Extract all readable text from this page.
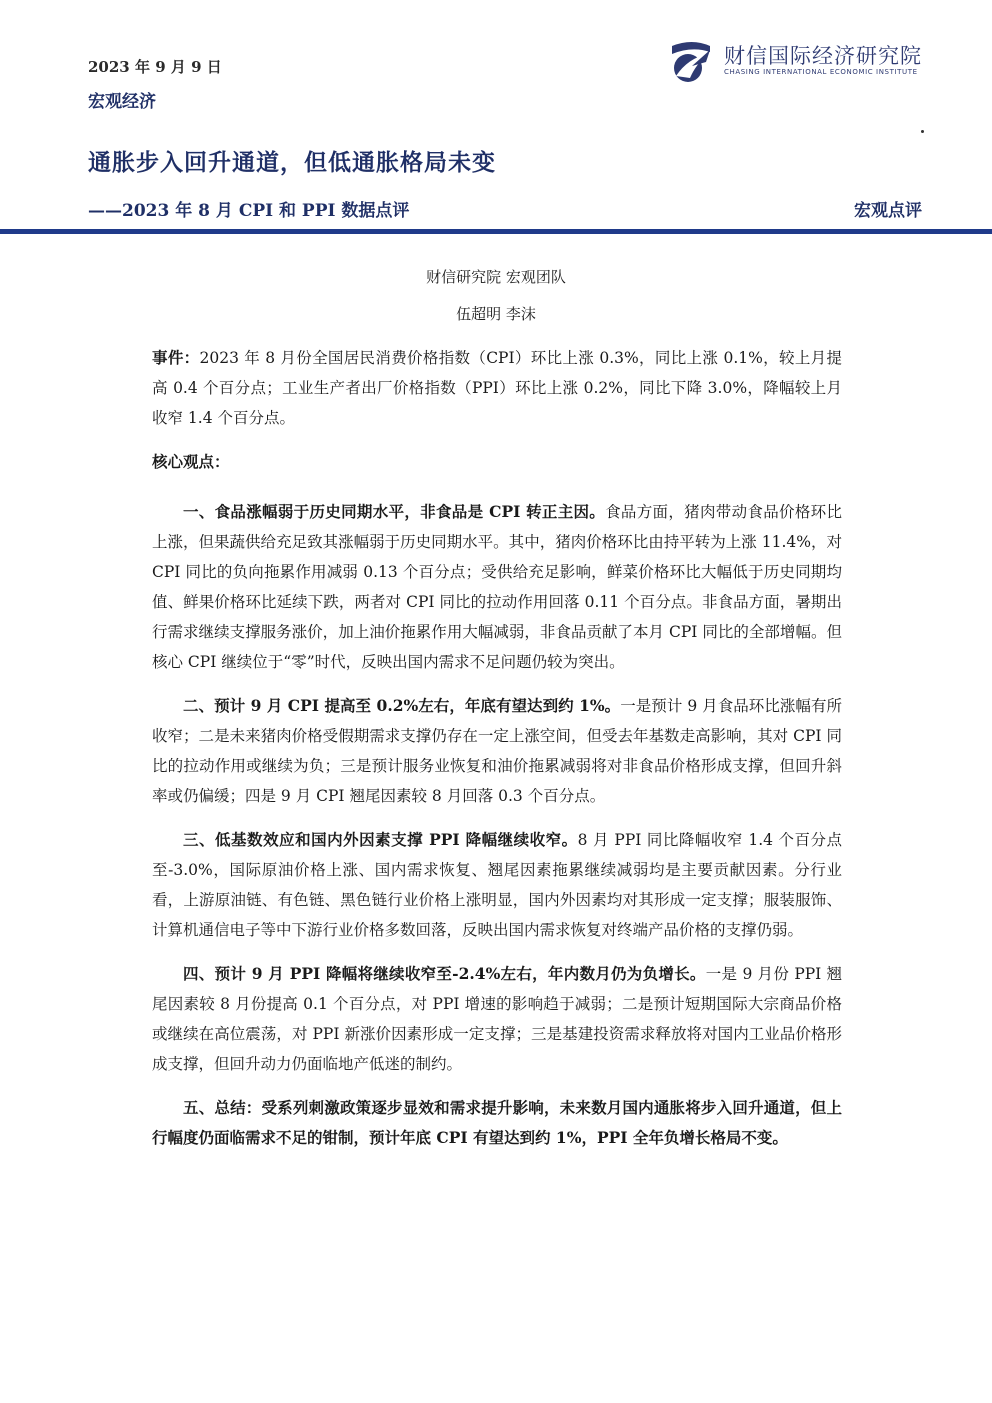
2023 年 9 月 9 日
宏观经济
财信国际经济研究院
CHASING INTERNATIONAL ECONOMIC INSTITUTE
通胀步入回升通道，但低通胀格局未变
——2023 年 8 月 CPI 和 PPI 数据点评	宏观点评
财信研究院 宏观团队
伍超明 李沫

事件：2023 年 8 月份全国居民消费价格指数（CPI）环比上涨 0.3%，同比上涨 0.1%，较上月提高 0.4 个百分点；工业生产者出厂价格指数（PPI）环比上涨 0.2%，同比下降 3.0%，降幅较上月收窄 1.4 个百分点。

核心观点：

一、食品涨幅弱于历史同期水平，非食品是 CPI 转正主因。食品方面，猪肉带动食品价格环比上涨，但果蔬供给充足致其涨幅弱于历史同期水平。其中，猪肉价格环比由持平转为上涨 11.4%，对 CPI 同比的负向拖累作用减弱 0.13 个百分点；受供给充足影响，鲜菜价格环比大幅低于历史同期均值、鲜果价格环比延续下跌，两者对 CPI 同比的拉动作用回落 0.11 个百分点。非食品方面，暑期出行需求继续支撑服务涨价，加上油价拖累作用大幅减弱，非食品贡献了本月 CPI 同比的全部增幅。但核心 CPI 继续位于“零”时代，反映出国内需求不足问题仍较为突出。

二、预计 9 月 CPI 提高至 0.2%左右，年底有望达到约 1%。一是预计 9 月食品环比涨幅有所收窄；二是未来猪肉价格受假期需求支撑仍存在一定上涨空间，但受去年基数走高影响，其对 CPI 同比的拉动作用或继续为负；三是预计服务业恢复和油价拖累减弱将对非食品价格形成支撑，但回升斜率或仍偏缓；四是 9 月 CPI 翘尾因素较 8 月回落 0.3 个百分点。

三、低基数效应和国内外因素支撑 PPI 降幅继续收窄。8 月 PPI 同比降幅收窄 1.4 个百分点至-3.0%，国际原油价格上涨、国内需求恢复、翘尾因素拖累继续减弱均是主要贡献因素。分行业看，上游原油链、有色链、黑色链行业价格上涨明显，国内外因素均对其形成一定支撑；服装服饰、计算机通信电子等中下游行业价格多数回落，反映出国内需求恢复对终端产品价格的支撑仍弱。

四、预计 9 月 PPI 降幅将继续收窄至-2.4%左右，年内数月仍为负增长。一是 9 月份 PPI 翘尾因素较 8 月份提高 0.1 个百分点，对 PPI 增速的影响趋于减弱；二是预计短期国际大宗商品价格或继续在高位震荡，对 PPI 新涨价因素形成一定支撑；三是基建投资需求释放将对国内工业品价格形成支撑，但回升动力仍面临地产低迷的制约。

五、总结：受系列刺激政策逐步显效和需求提升影响，未来数月国内通胀将步入回升通道，但上行幅度仍面临需求不足的钳制，预计年底 CPI 有望达到约 1%，PPI 全年负增长格局不变。
